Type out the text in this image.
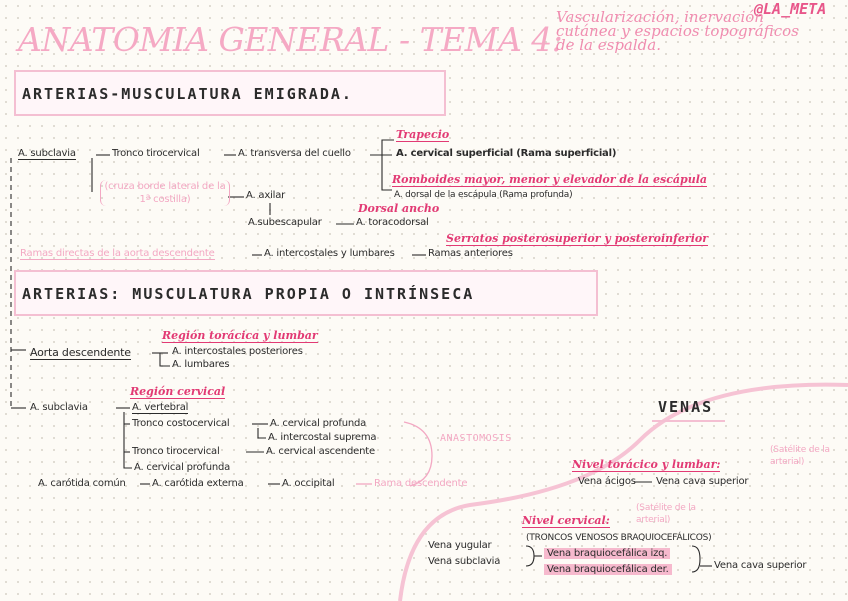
@LA_META
ANATOMIA GENERAL - TEMA 4:
Vascularización, inervación cutánea y espacios topográficos de la espalda.
ARTERIAS-MUSCULATURA EMIGRADA.
A. subclavia	Tronco tirocervical	A. transversa del cuello
Trapecio
A. cervical superficial (Rama superficial)
Romboides mayor, menor y elevador de la escápula
A. dorsal de la escápula (Rama profunda)
(cruza borde lateral de la 1ª costilla)	A. axilar
A.subescapular
Dorsal ancho
A. toracodorsal
Serratos posterosuperior y posteroinferior
Ramas directas de la aorta descendente	A. intercostales y lumbares	Ramas anteriores
ARTERIAS: MUSCULATURA PROPIA O INTRÍNSECA
Región torácica y lumbar
Aorta descendente	A. intercostales posteriores
A. lumbares
Región cervical
A. subclavia	A. vertebral
Tronco costocervical	A. cervical profunda
A. intercostal suprema
Tronco tirocervical	A. cervical ascendente
A. cervical profunda
ANASTOMOSIS
A. carótida común	A. carótida externa	A. occipital	Rama descendente
VENAS
Nivel torácico y lumbar:
(Satélite de la arterial)
Vena ácigos Vena cava superior
Nivel cervical:
(Satélite de la arterial)
(TRONCOS VENOSOS BRAQUIOCEFÁLICOS)
Vena yugular
Vena subclavia
Vena braquiocefálica izq.
Vena braquiocefálica der.	Vena cava superior
